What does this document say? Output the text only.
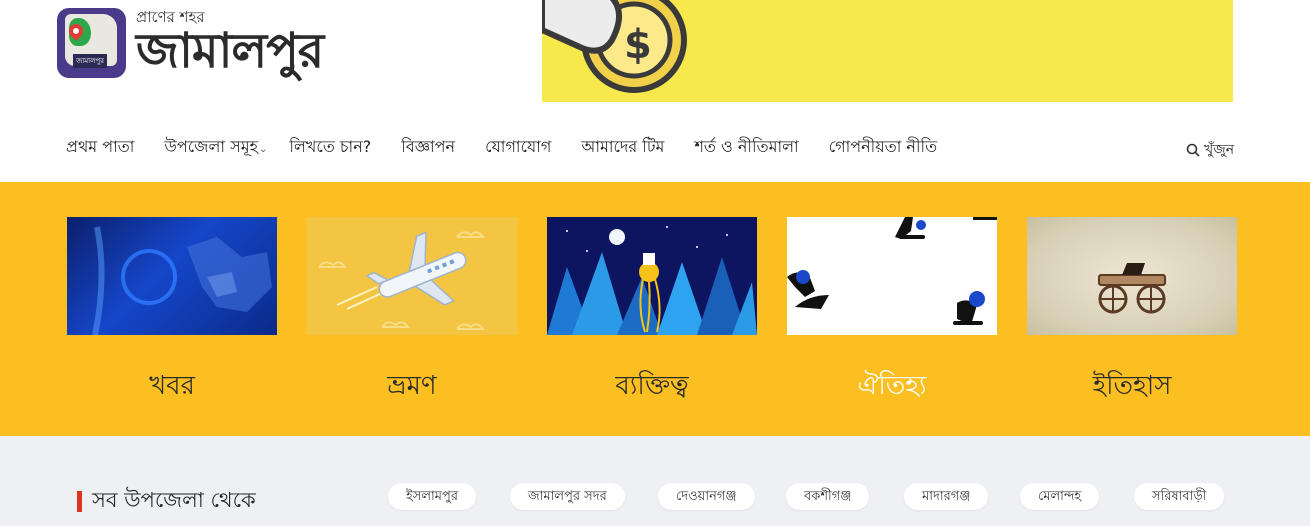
জামালপুর
প্রাণের শহর
জামালপুর	$
প্রথম পাতা উপজেলা সমূহ⌄ লিখতে চান? বিজ্ঞাপন যোগাযোগ আমাদের টিম শর্ত ও নীতিমালা গোপনীয়তা নীতি	খুঁজুন
খবর	ভ্রমণ	ব্যক্তিত্ব	ঐতিহ্য	ইতিহাস
সব উপজেলা থেকে	ইসলামপুর	জামালপুর সদর	দেওয়ানগঞ্জ	বকশীগঞ্জ	মাদারগঞ্জ	মেলান্দহ	সরিষাবাড়ী
